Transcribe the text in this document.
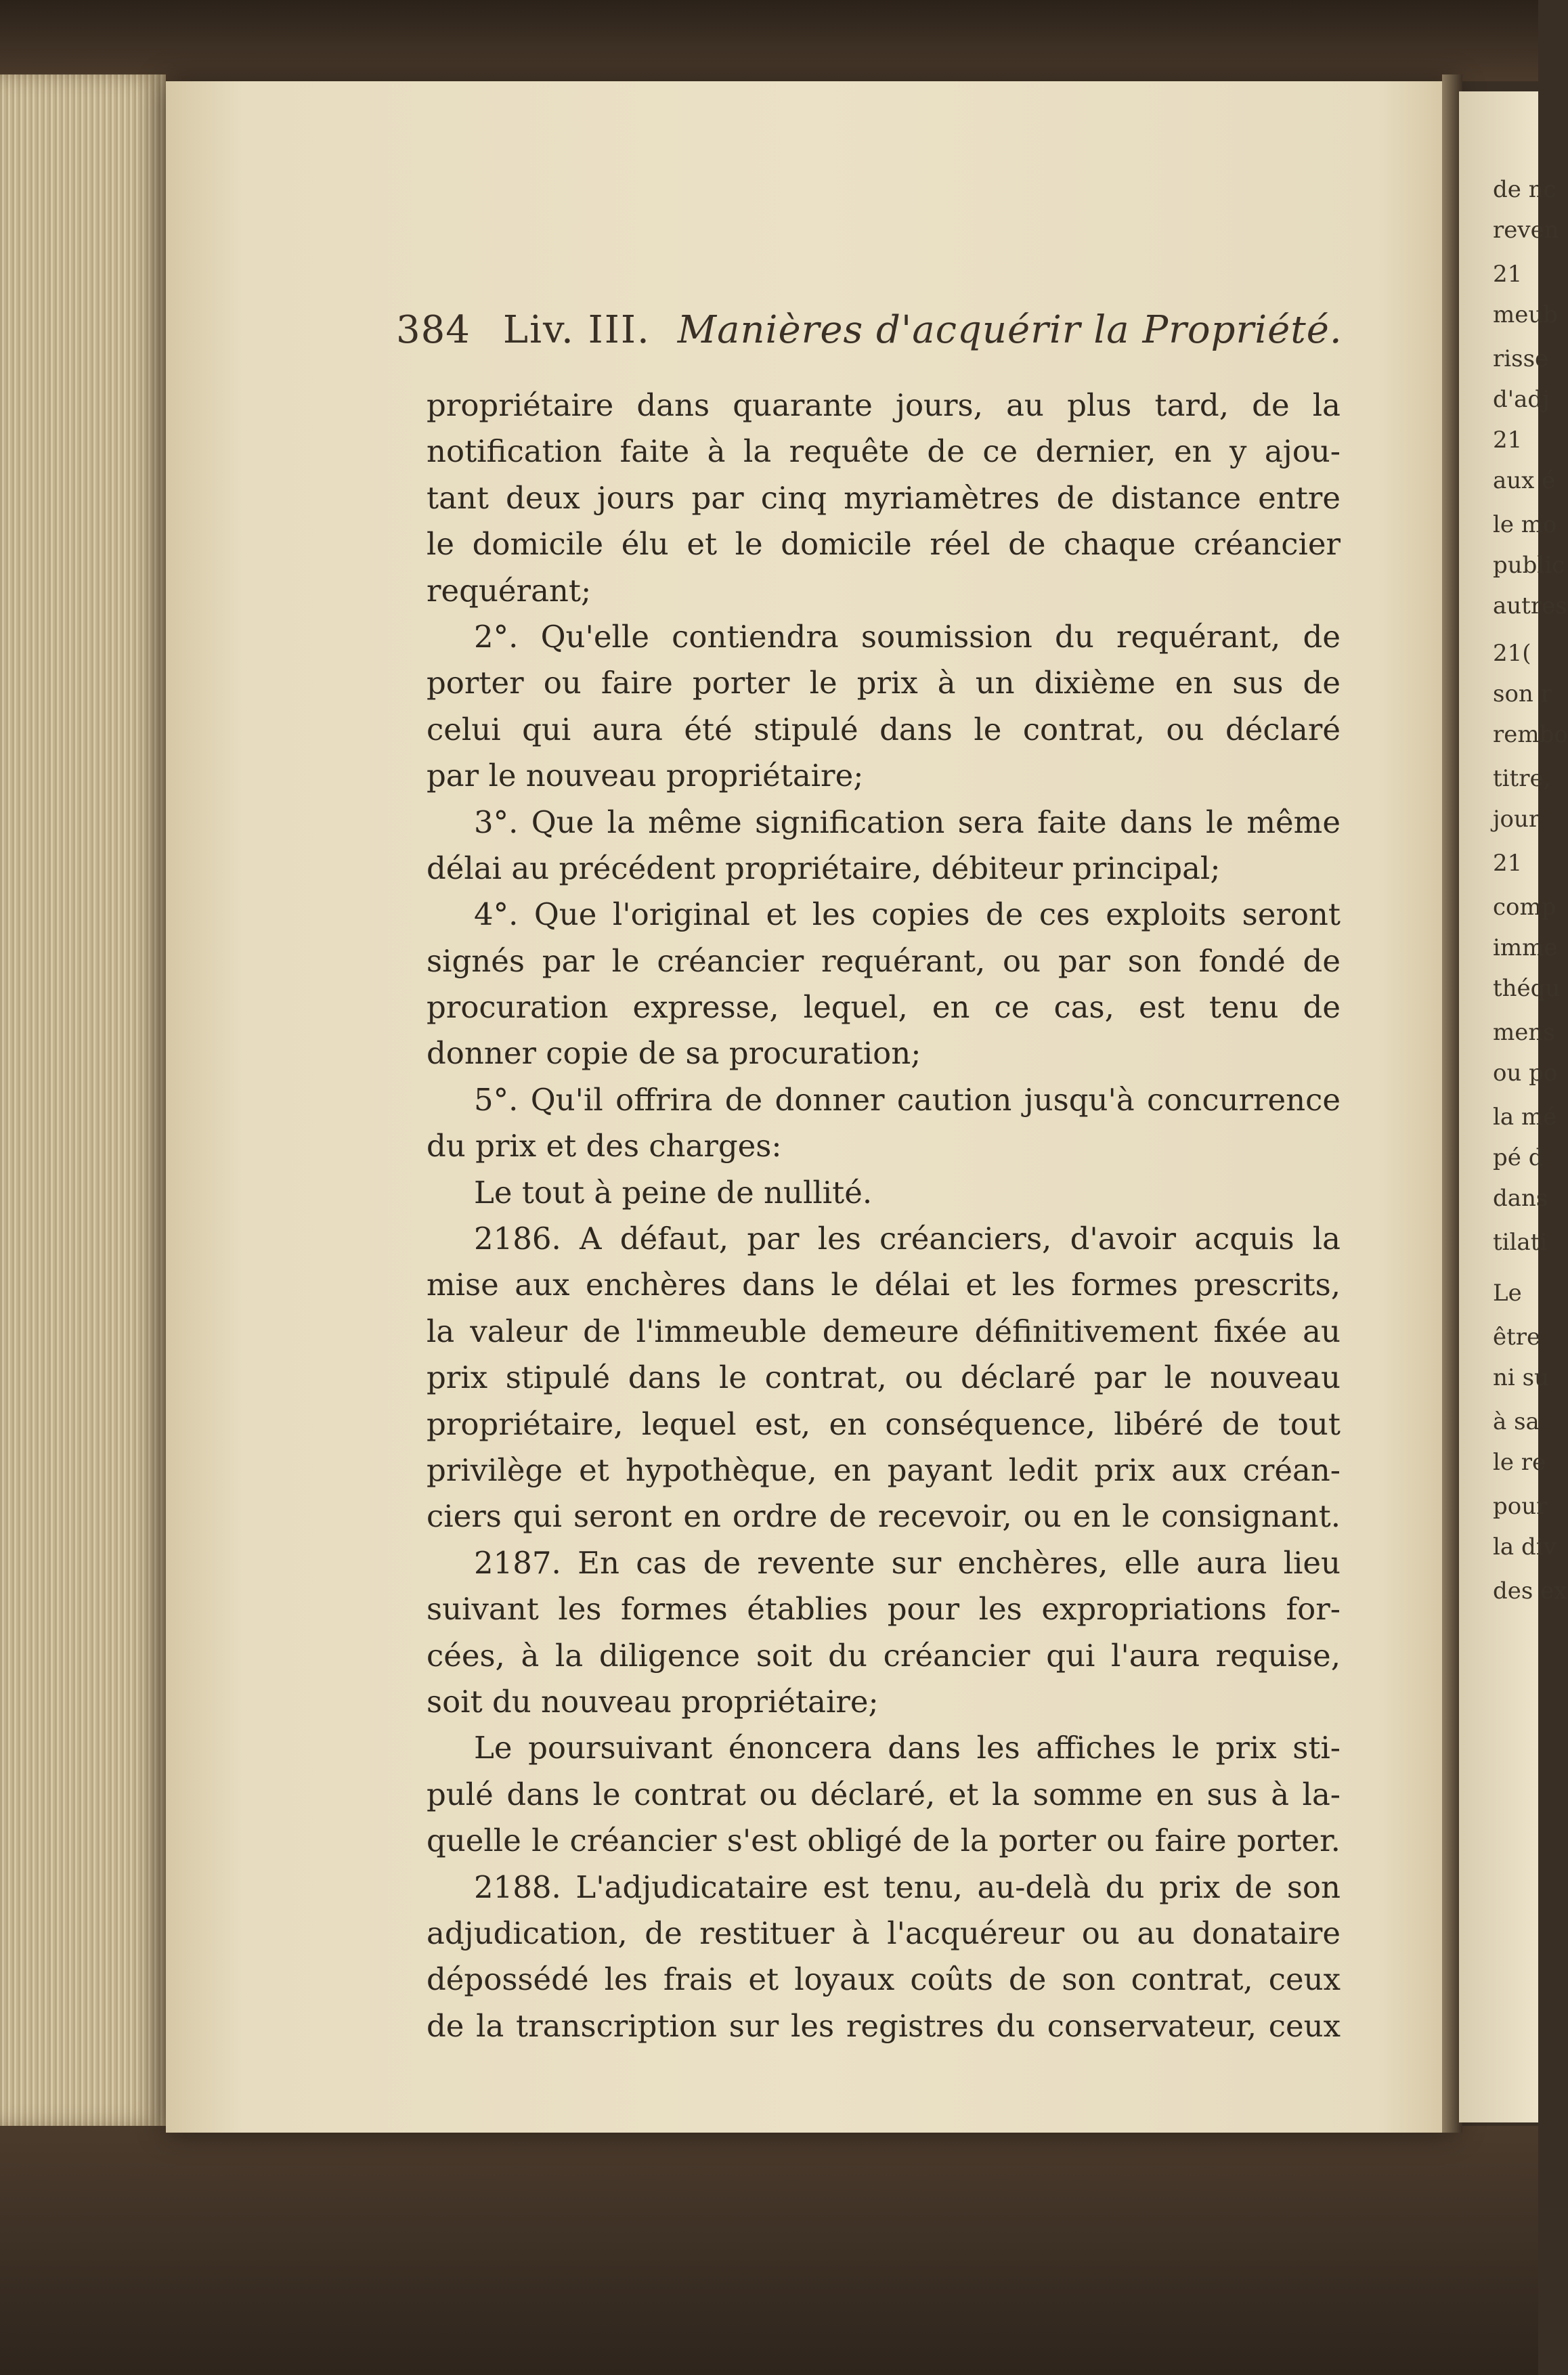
de nc
reven
21
meub
risse
d'adj
21
aux é
le mo
public
autres
21(
son r
rembo
titre,
jour
21
comp
imme
théqu
mens
ou po
la mé
pé d
dans
tilati
Le
être
ni su
à sa
le re
pour
la div
des ex
384 Liv. III. Manières d'acquérir la Propriété.
propriétaire dans quarante jours, au plus tard, de la
notification faite à la requête de ce dernier, en y ajou-
tant deux jours par cinq myriamètres de distance entre
le domicile élu et le domicile réel de chaque créancier
requérant;
2°. Qu'elle contiendra soumission du requérant, de
porter ou faire porter le prix à un dixième en sus de
celui qui aura été stipulé dans le contrat, ou déclaré
par le nouveau propriétaire;
3°. Que la même signification sera faite dans le même
délai au précédent propriétaire, débiteur principal;
4°. Que l'original et les copies de ces exploits seront
signés par le créancier requérant, ou par son fondé de
procuration expresse, lequel, en ce cas, est tenu de
donner copie de sa procuration;
5°. Qu'il offrira de donner caution jusqu'à concurrence
du prix et des charges:
Le tout à peine de nullité.
2186. A défaut, par les créanciers, d'avoir acquis la
mise aux enchères dans le délai et les formes prescrits,
la valeur de l'immeuble demeure définitivement fixée au
prix stipulé dans le contrat, ou déclaré par le nouveau
propriétaire, lequel est, en conséquence, libéré de tout
privilège et hypothèque, en payant ledit prix aux créan-
ciers qui seront en ordre de recevoir, ou en le consignant.
2187. En cas de revente sur enchères, elle aura lieu
suivant les formes établies pour les expropriations for-
cées, à la diligence soit du créancier qui l'aura requise,
soit du nouveau propriétaire;
Le poursuivant énoncera dans les affiches le prix sti-
pulé dans le contrat ou déclaré, et la somme en sus à la-
quelle le créancier s'est obligé de la porter ou faire porter.
2188. L'adjudicataire est tenu, au-delà du prix de son
adjudication, de restituer à l'acquéreur ou au donataire
dépossédé les frais et loyaux coûts de son contrat, ceux
de la transcription sur les registres du conservateur, ceux
